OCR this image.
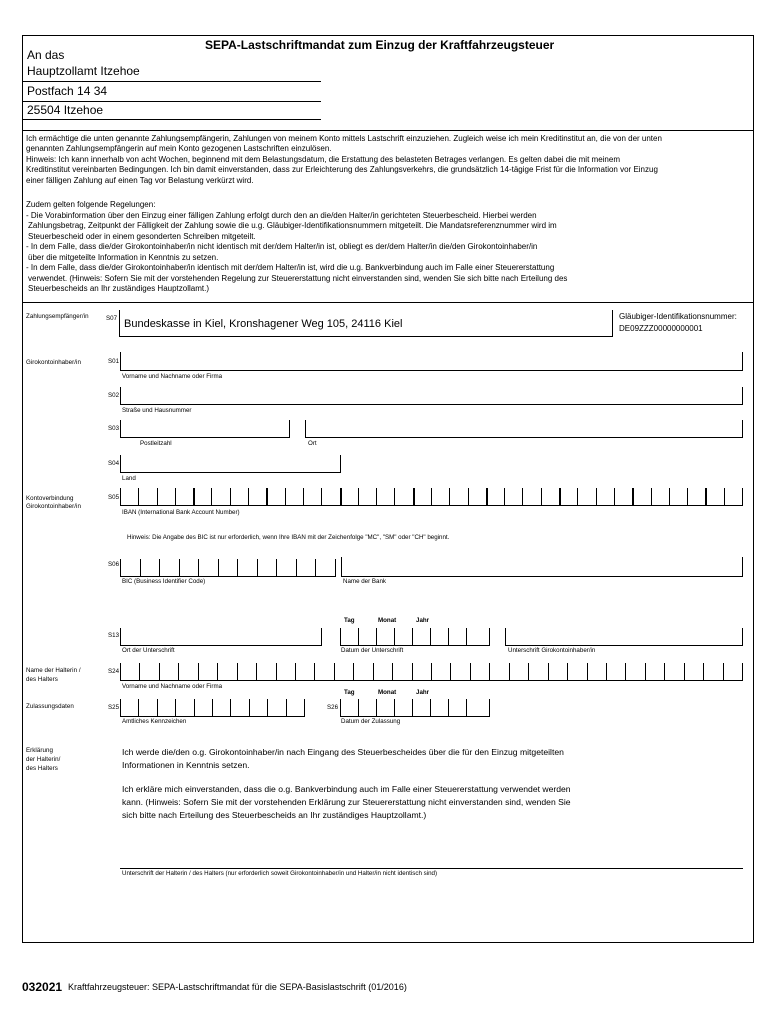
SEPA-Lastschriftmandat zum Einzug der Kraftfahrzeugsteuer
An das
Hauptzollamt Itzehoe
Postfach 14 34
25504 Itzehoe
Ich ermächtige die unten genannte Zahlungsempfängerin, Zahlungen von meinem Konto mittels Lastschrift einzuziehen. Zugleich weise ich mein Kreditinstitut an, die von der unten
genannten Zahlungsempfängerin auf mein Konto gezogenen Lastschriften einzulösen.
Hinweis: Ich kann innerhalb von acht Wochen, beginnend mit dem Belastungsdatum, die Erstattung des belasteten Betrages verlangen. Es gelten dabei die mit meinem
Kreditinstitut vereinbarten Bedingungen. Ich bin damit einverstanden, dass zur Erleichterung des Zahlungsverkehrs, die grundsätzlich 14-tägige Frist für die Information vor Einzug
einer fälligen Zahlung auf einen Tag vor Belastung verkürzt wird.
Zudem gelten folgende Regelungen:
- Die Vorabinformation über den Einzug einer fälligen Zahlung erfolgt durch den an die/den Halter/in gerichteten Steuerbescheid. Hierbei werden
Zahlungsbetrag, Zeitpunkt der Fälligkeit der Zahlung sowie die u.g. Gläubiger-Identifikationsnummern mitgeteilt. Die Mandatsreferenznummer wird im
Steuerbescheid oder in einem gesonderten Schreiben mitgeteilt.
- In dem Falle, dass die/der Girokontoinhaber/in nicht identisch mit der/dem Halter/in ist, obliegt es der/dem Halter/in die/den Girokontoinhaber/in
über die mitgeteilte Information in Kenntnis zu setzen.
- In dem Falle, dass die/der Girokontoinhaber/in identisch mit der/dem Halter/in ist, wird die u.g. Bankverbindung auch im Falle einer Steuererstattung
verwendet. (Hinweis: Sofern Sie mit der vorstehenden Regelung zur Steuererstattung nicht einverstanden sind, wenden Sie sich bitte nach Erteilung des
Steuerbescheids an Ihr zuständiges Hauptzollamt.)
Zahlungsempfänger/in	S07 Bundeskasse in Kiel, Kronshagener Weg 105, 24116 Kiel
Gläubiger-Identifikationsnummer:
DE09ZZZ00000000001
Girokontoinhaber/in	S01
Vorname und Nachname oder Firma
S02
Straße und Hausnummer
S03
Postleitzahl	Ort
S04
Land
Kontoverbindung
Girokontoinhaber/in
S05
IBAN (International Bank Account Number)
Hinweis: Die Angabe des BIC ist nur erforderlich, wenn Ihre IBAN mit der Zeichenfolge "MC", "SM" oder "CH" beginnt.
S06
BIC (Business Identifier Code)	Name der Bank
Tag	Monat	Jahr
S13
Ort der Unterschrift	Datum der Unterschrift	Unterschrift Girokontoinhaber/in
Name der Halterin /
des Halters
S24
Vorname und Nachname oder Firma
Tag	Monat	Jahr
Zulassungsdaten	S25	S26
Amtliches Kennzeichen	Datum der Zulassung
Erklärung
der Halterin/
des Halters
Ich werde die/den o.g. Girokontoinhaber/in nach Eingang des Steuerbescheides über die für den Einzug mitgeteilten
Informationen in Kenntnis setzen.
Ich erkläre mich einverstanden, dass die o.g. Bankverbindung auch im Falle einer Steuererstattung verwendet werden
kann. (Hinweis: Sofern Sie mit der vorstehenden Erklärung zur Steuererstattung nicht einverstanden sind, wenden Sie
sich bitte nach Erteilung des Steuerbescheids an Ihr zuständiges Hauptzollamt.)
Unterschrift der Halterin / des Halters (nur erforderlich soweit Girokontoinhaber/in und Halter/in nicht identisch sind)
032021 Kraftfahrzeugsteuer: SEPA-Lastschriftmandat für die SEPA-Basislastschrift (01/2016)
